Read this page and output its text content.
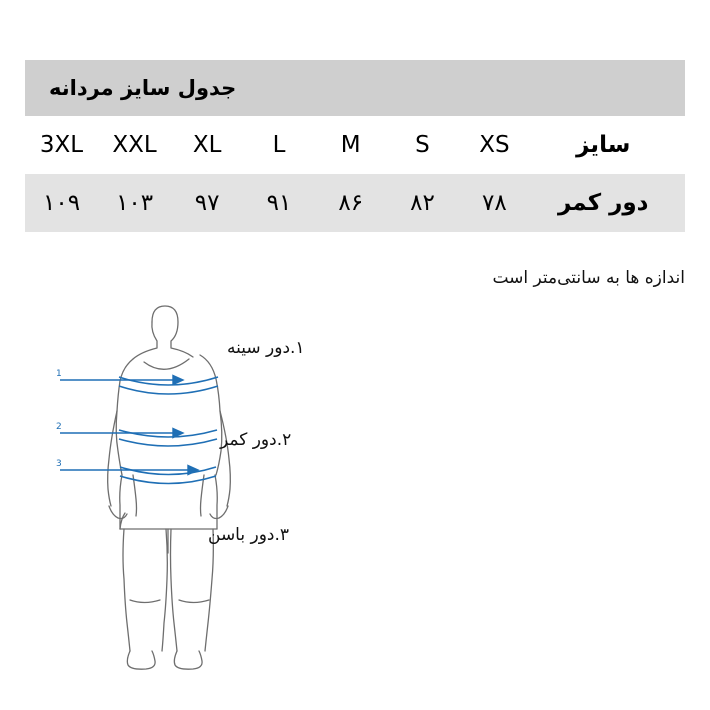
جدول سایز مردانه							
سایز	XS	S	M	L	XL	XXL	3XL
دور کمر	۷۸	۸۲	۸۶	۹۱	۹۷	۱۰۳	۱۰۹
اندازه ها به سانتی‌متر است
1
2
3
۱.دور سینه
۲.دور کمر
۳.دور باسن
